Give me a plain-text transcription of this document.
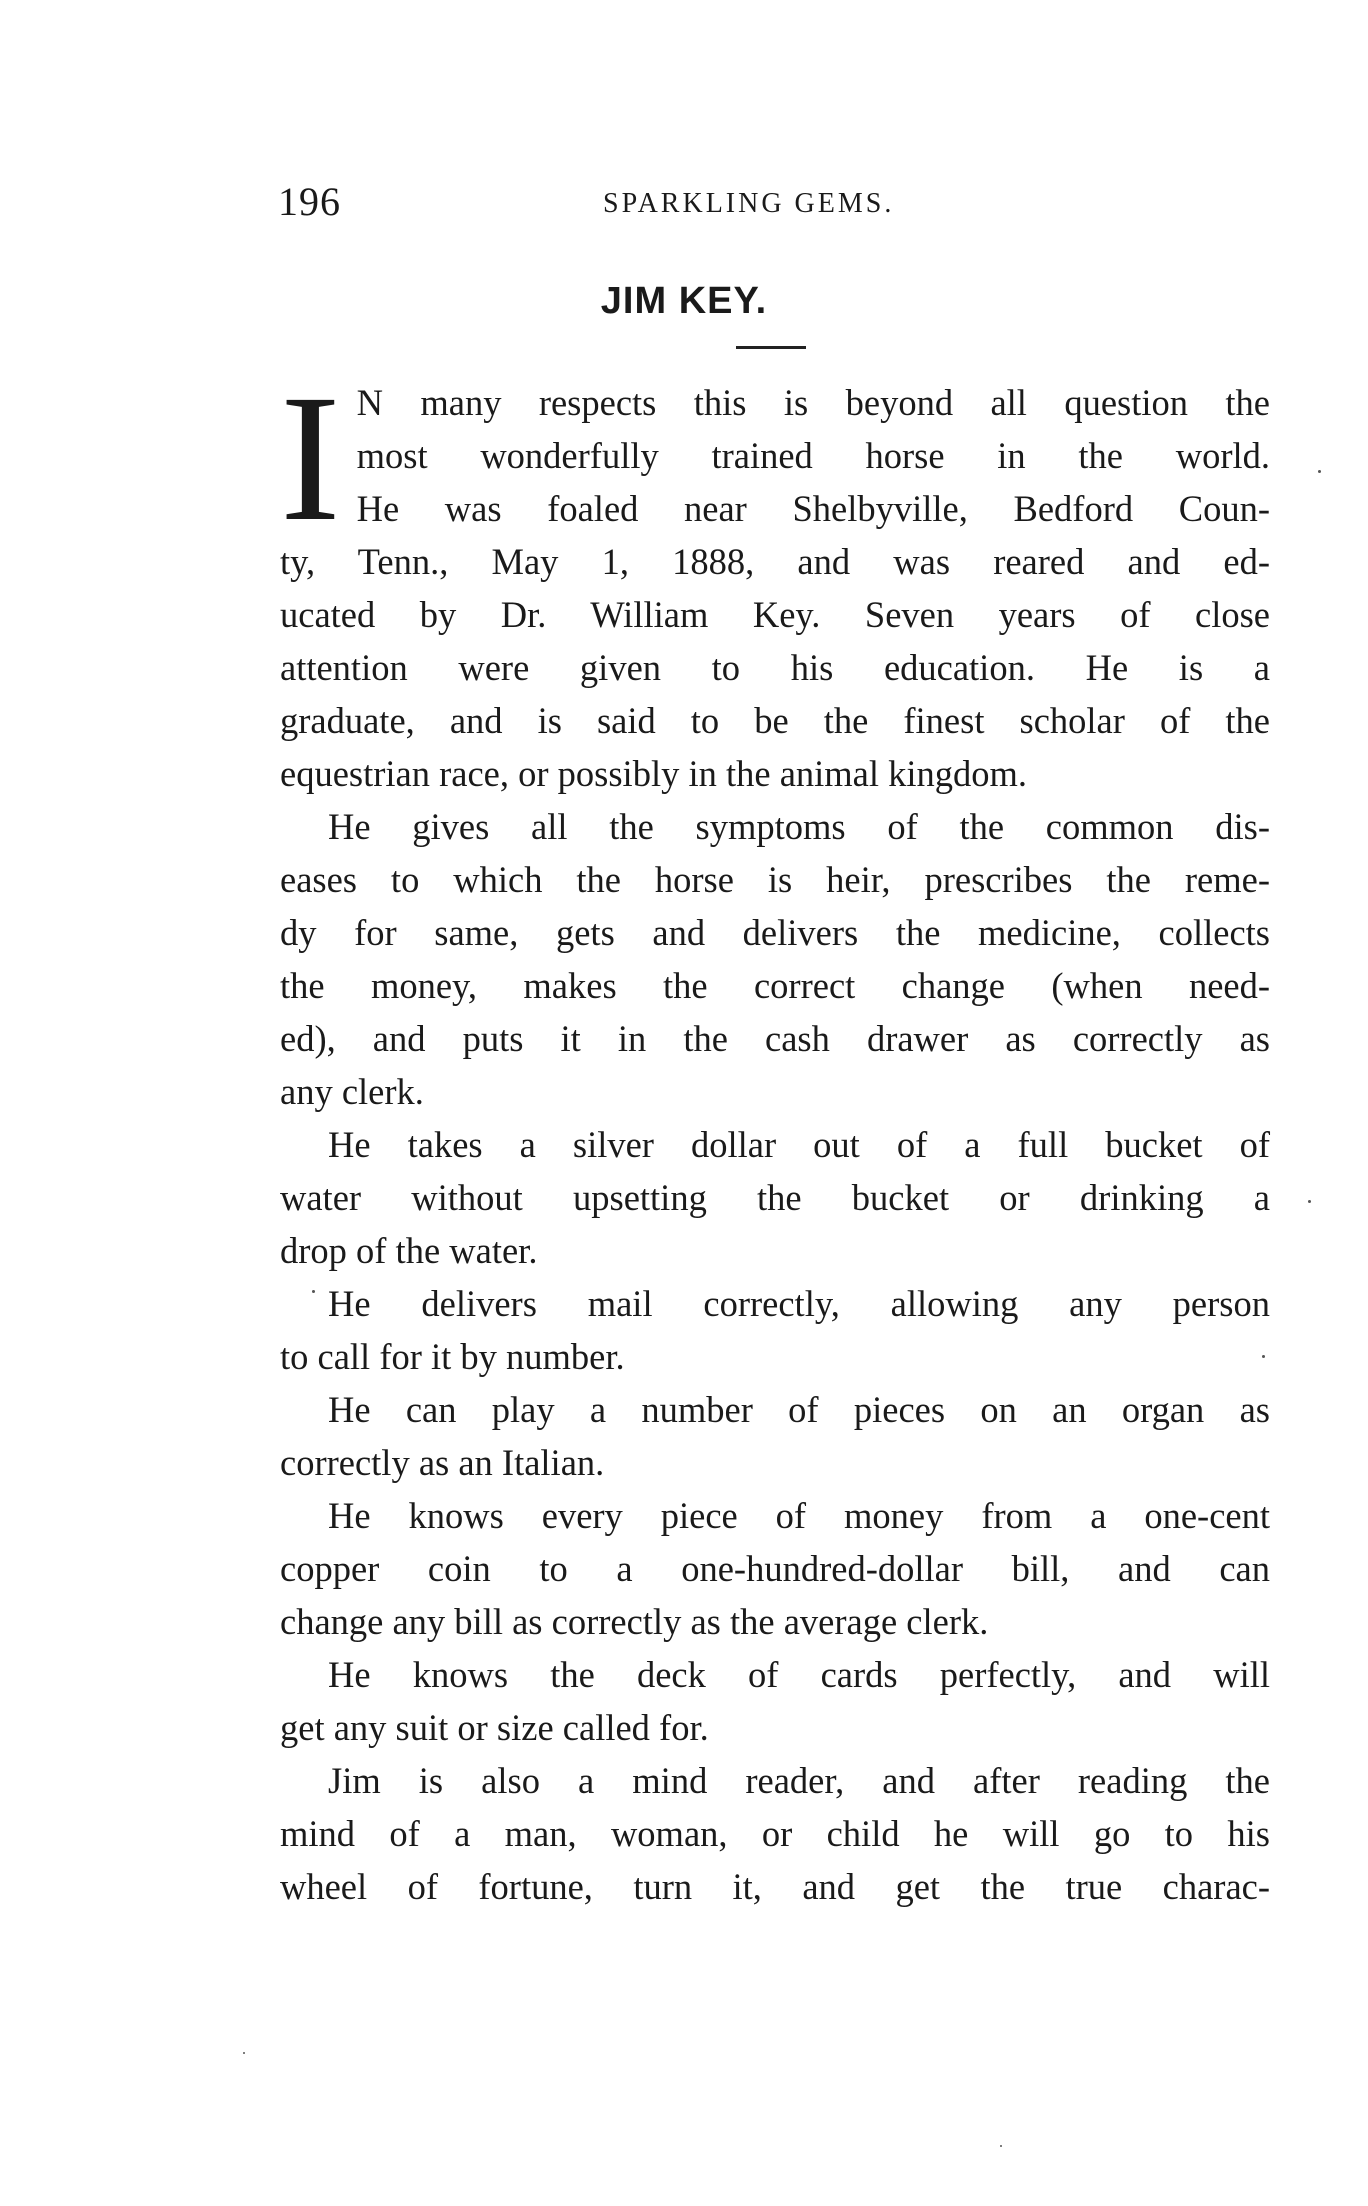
196	SPARKLING GEMS.
JIM KEY.
I N many respects this is beyond all question the
most wonderfully trained horse in the world.
He was foaled near Shelbyville, Bedford Coun-
ty, Tenn., May 1, 1888, and was reared and ed-
ucated by Dr. William Key. Seven years of close
attention were given to his education. He is a
graduate, and is said to be the finest scholar of the
equestrian race, or possibly in the animal kingdom.
He gives all the symptoms of the common dis-
eases to which the horse is heir, prescribes the reme-
dy for same, gets and delivers the medicine, collects
the money, makes the correct change (when need-
ed), and puts it in the cash drawer as correctly as
any clerk.
He takes a silver dollar out of a full bucket of
water without upsetting the bucket or drinking a
drop of the water.
He delivers mail correctly, allowing any person
to call for it by number.
He can play a number of pieces on an organ as
correctly as an Italian.
He knows every piece of money from a one-cent
copper coin to a one-hundred-dollar bill, and can
change any bill as correctly as the average clerk.
He knows the deck of cards perfectly, and will
get any suit or size called for.
Jim is also a mind reader, and after reading the
mind of a man, woman, or child he will go to his
wheel of fortune, turn it, and get the true charac-
